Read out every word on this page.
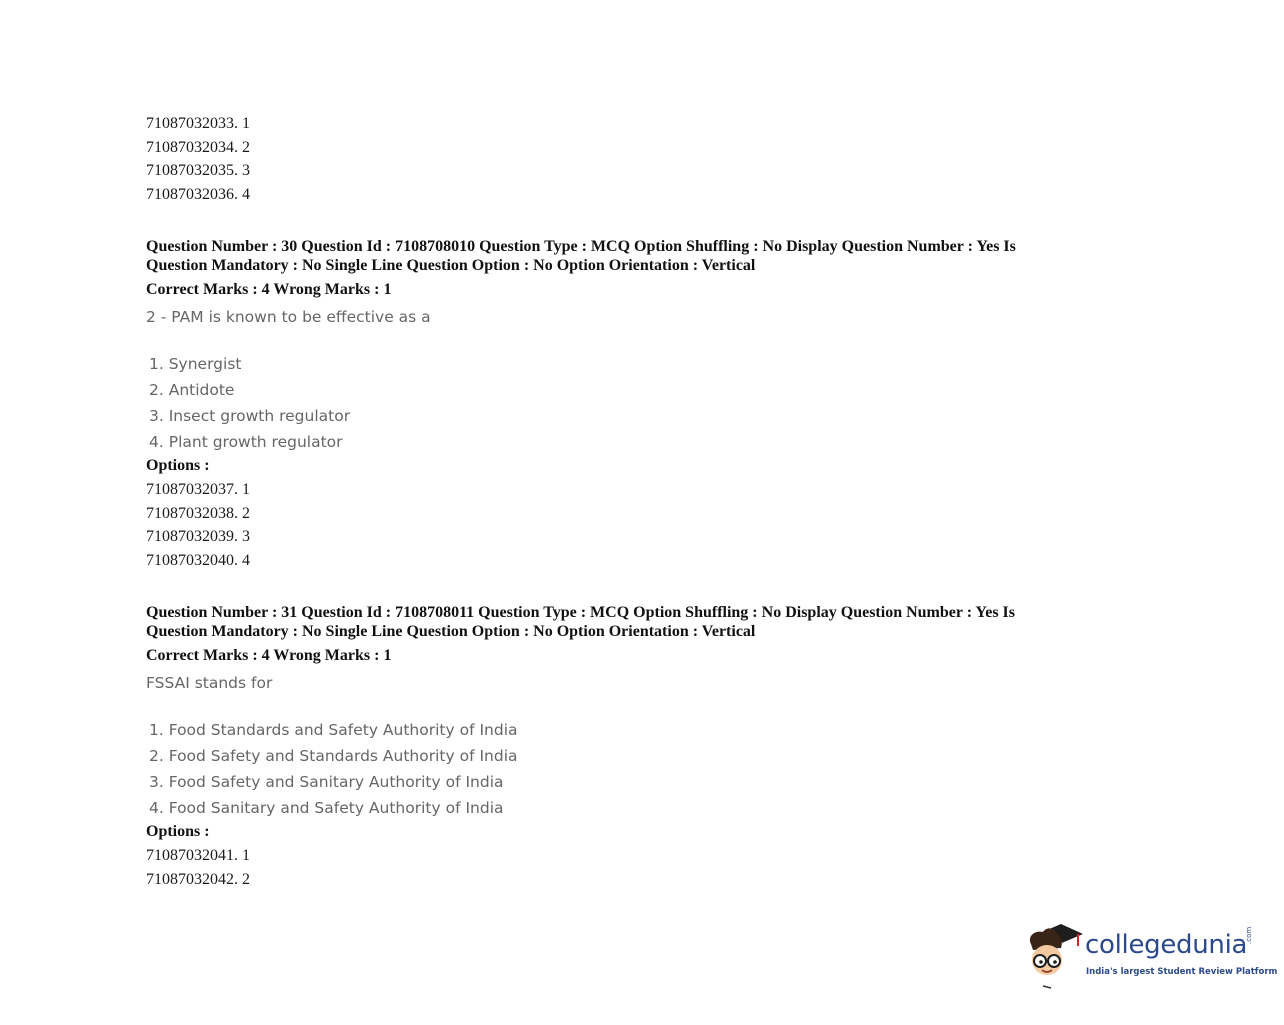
71087032033. 1
71087032034. 2
71087032035. 3
71087032036. 4
Question Number : 30 Question Id : 7108708010 Question Type : MCQ Option Shuffling : No Display Question Number : Yes Is
Question Mandatory : No Single Line Question Option : No Option Orientation : Vertical
Correct Marks : 4 Wrong Marks : 1
2 - PAM is known to be effective as a
1. Synergist
2. Antidote
3. Insect growth regulator
4. Plant growth regulator
Options :
71087032037. 1
71087032038. 2
71087032039. 3
71087032040. 4
Question Number : 31 Question Id : 7108708011 Question Type : MCQ Option Shuffling : No Display Question Number : Yes Is
Question Mandatory : No Single Line Question Option : No Option Orientation : Vertical
Correct Marks : 4 Wrong Marks : 1
FSSAI stands for
1. Food Standards and Safety Authority of India
2. Food Safety and Standards Authority of India
3. Food Safety and Sanitary Authority of India
4. Food Sanitary and Safety Authority of India
Options :
71087032041. 1
71087032042. 2
collegedunia
.com
India's largest Student Review Platform
